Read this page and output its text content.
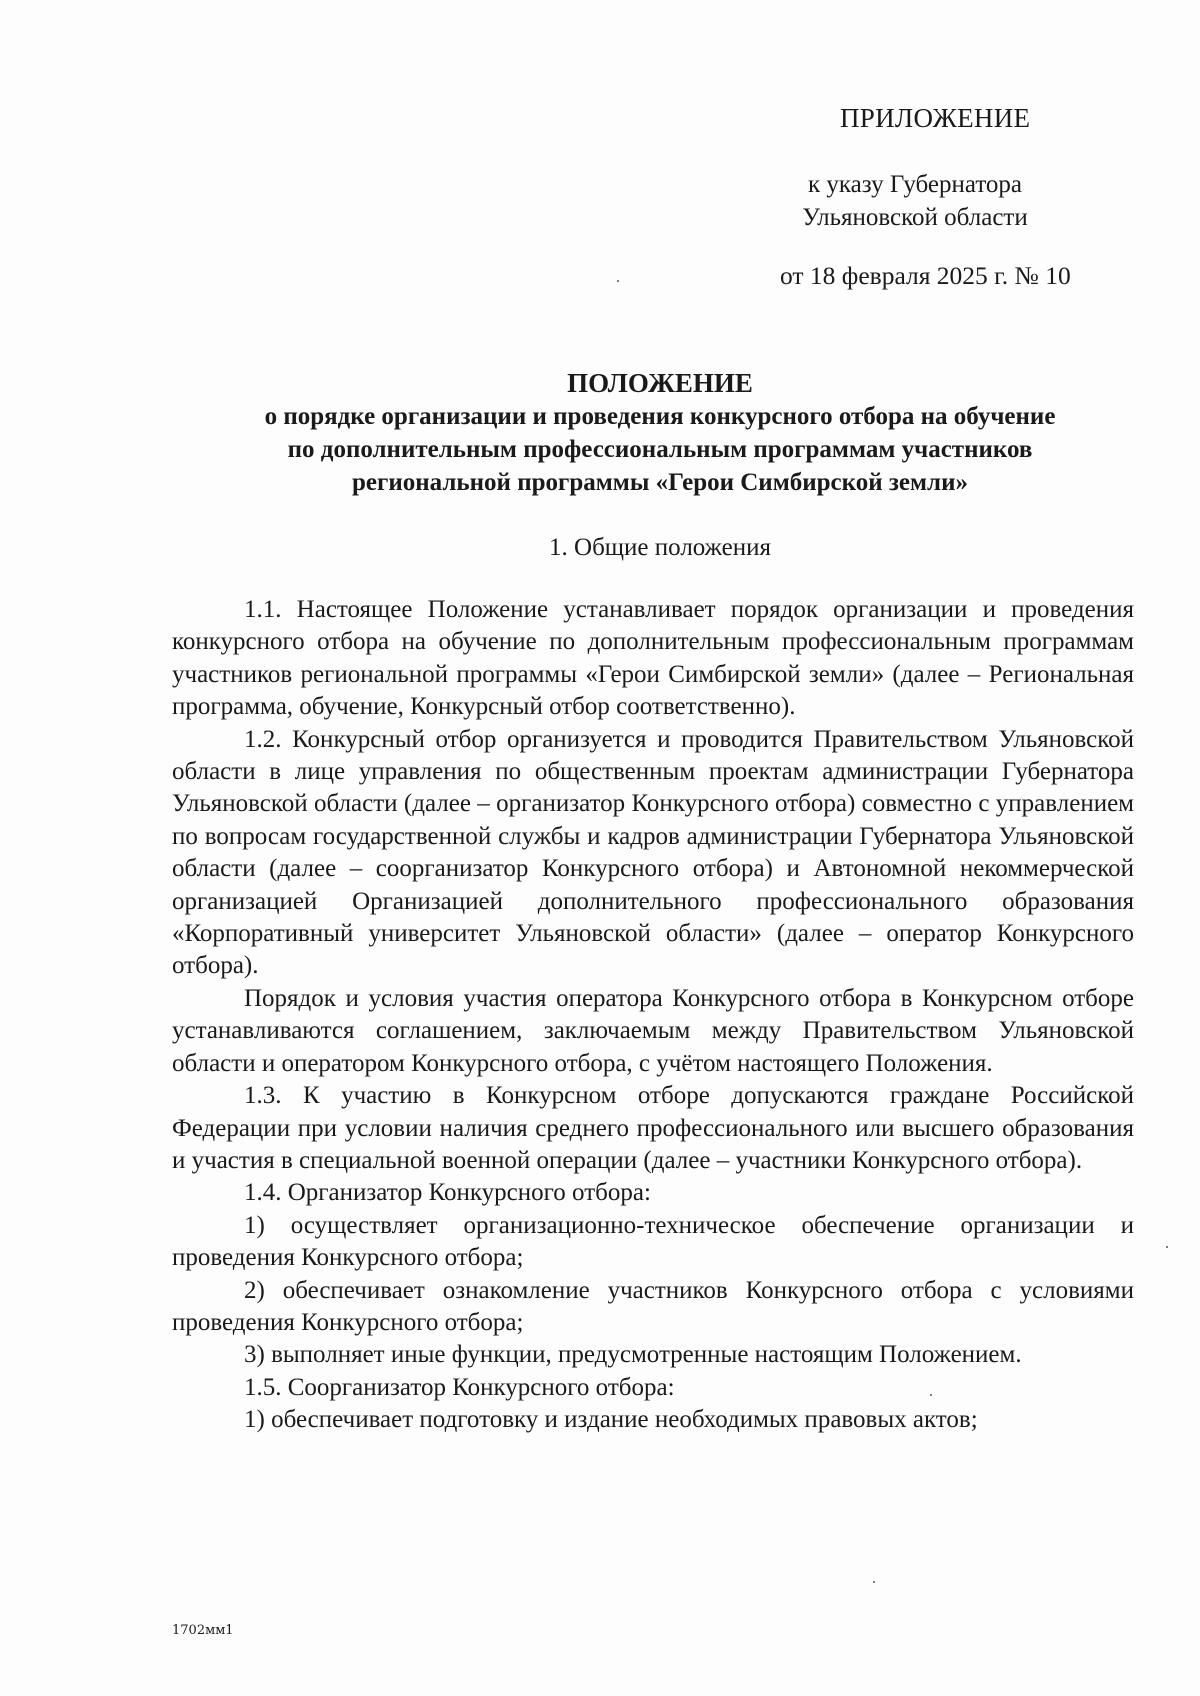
ПРИЛОЖЕНИЕ
к указу Губернатора
Ульяновской области
от 18 февраля 2025 г. № 10
ПОЛОЖЕНИЕ
о порядке организации и проведения конкурсного отбора на обучение
по дополнительным профессиональным программам участников
региональной программы «Герои Симбирской земли»
1. Общие положения

1.1. Настоящее Положение устанавливает порядок организации и проведения конкурсного отбора на обучение по дополнительным профессиональным программам участников региональной программы «Герои Симбирской земли» (далее – Региональная программа, обучение, Конкурсный отбор соответственно).

1.2. Конкурсный отбор организуется и проводится Правительством Ульяновской области в лице управления по общественным проектам администрации Губернатора Ульяновской области (далее – организатор Конкурсного отбора) совместно с управлением по вопросам государственной службы и кадров администрации Губернатора Ульяновской области (далее – соорганизатор Конкурсного отбора) и Автономной некоммерческой организацией Организацией дополнительного профессионального образования «Корпоративный университет Ульяновской области» (далее – оператор Конкурсного отбора).

Порядок и условия участия оператора Конкурсного отбора в Конкурсном отборе устанавливаются соглашением, заключаемым между Правительством Ульяновской области и оператором Конкурсного отбора, с учётом настоящего Положения.

1.3. К участию в Конкурсном отборе допускаются граждане Российской Федерации при условии наличия среднего профессионального или высшего образования и участия в специальной военной операции (далее – участники Конкурсного отбора).

1.4. Организатор Конкурсного отбора:

1) осуществляет организационно-техническое обеспечение организации и проведения Конкурсного отбора;

2) обеспечивает ознакомление участников Конкурсного отбора с условиями проведения Конкурсного отбора;

3) выполняет иные функции, предусмотренные настоящим Положением.

1.5. Соорганизатор Конкурсного отбора:

1) обеспечивает подготовку и издание необходимых правовых актов;

1702мм1
